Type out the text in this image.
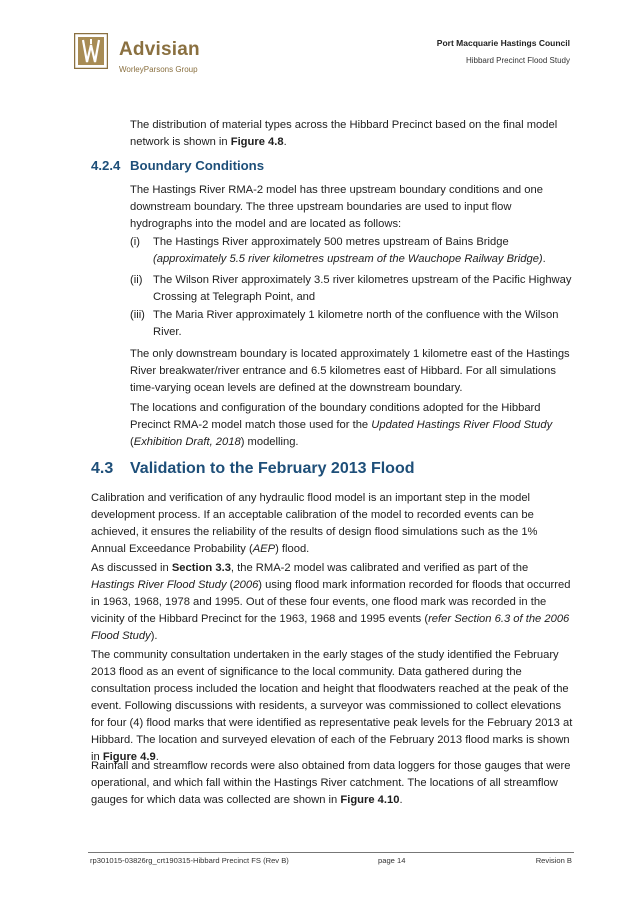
Advisian
WorleyParsons Group
Port Macquarie Hastings Council
Hibbard Precinct Flood Study
The distribution of material types across the Hibbard Precinct based on the final model network is shown in Figure 4.8.
4.2.4 Boundary Conditions
The Hastings River RMA-2 model has three upstream boundary conditions and one downstream boundary. The three upstream boundaries are used to input flow hydrographs into the model and are located as follows:
(i)	The Hastings River approximately 500 metres upstream of Bains Bridge
(approximately 5.5 river kilometres upstream of the Wauchope Railway Bridge).
(ii) The Wilson River approximately 3.5 river kilometres upstream of the Pacific Highway Crossing at Telegraph Point, and
(iii) The Maria River approximately 1 kilometre north of the confluence with the Wilson River.
The only downstream boundary is located approximately 1 kilometre east of the Hastings River breakwater/river entrance and 6.5 kilometres east of Hibbard. For all simulations time-varying ocean levels are defined at the downstream boundary.
The locations and configuration of the boundary conditions adopted for the Hibbard Precinct RMA-2 model match those used for the Updated Hastings River Flood Study (Exhibition Draft, 2018) modelling.
4.3 Validation to the February 2013 Flood
Calibration and verification of any hydraulic flood model is an important step in the model development process. If an acceptable calibration of the model to recorded events can be achieved, it ensures the reliability of the results of design flood simulations such as the 1% Annual Exceedance Probability (AEP) flood.
As discussed in Section 3.3, the RMA-2 model was calibrated and verified as part of the Hastings River Flood Study (2006) using flood mark information recorded for floods that occurred in 1963, 1968, 1978 and 1995. Out of these four events, one flood mark was recorded in the vicinity of the Hibbard Precinct for the 1963, 1968 and 1995 events (refer Section 6.3 of the 2006 Flood Study).
The community consultation undertaken in the early stages of the study identified the February 2013 flood as an event of significance to the local community. Data gathered during the consultation process included the location and height that floodwaters reached at the peak of the event. Following discussions with residents, a surveyor was commissioned to collect elevations for four (4) flood marks that were identified as representative peak levels for the February 2013 at Hibbard. The location and surveyed elevation of each of the February 2013 flood marks is shown in Figure 4.9.
Rainfall and streamflow records were also obtained from data loggers for those gauges that were operational, and which fall within the Hastings River catchment. The locations of all streamflow gauges for which data was collected are shown in Figure 4.10.
rp301015-03826rg_crt190315-Hibbard Precinct FS (Rev B)	page 14	Revision B
